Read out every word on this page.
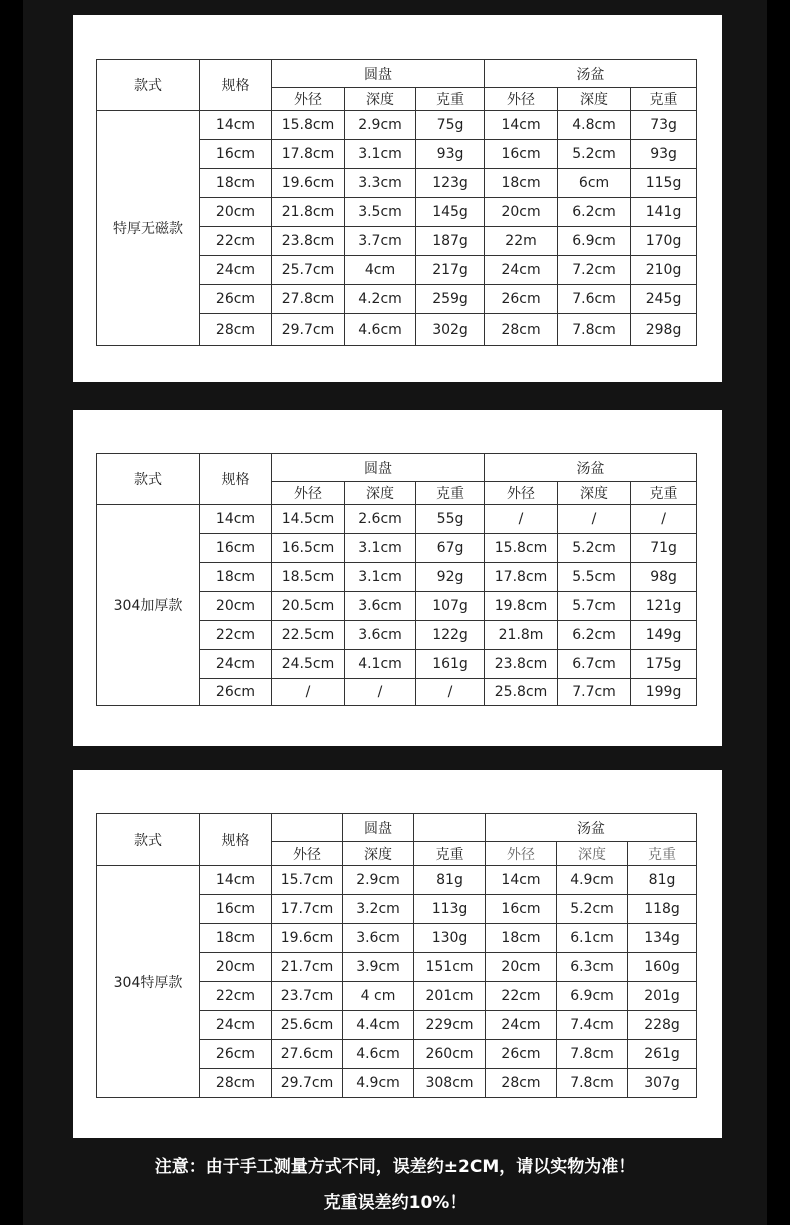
款式	规格	圆盘			汤盆		
		外径	深度	克重	外径	深度	克重
特厚无磁款	14cm	15.8cm	2.9cm	75g	14cm	4.8cm	73g
	16cm	17.8cm	3.1cm	93g	16cm	5.2cm	93g
	18cm	19.6cm	3.3cm	123g	18cm	6cm	115g
	20cm	21.8cm	3.5cm	145g	20cm	6.2cm	141g
	22cm	23.8cm	3.7cm	187g	22m	6.9cm	170g
	24cm	25.7cm	4cm	217g	24cm	7.2cm	210g
	26cm	27.8cm	4.2cm	259g	26cm	7.6cm	245g
	28cm	29.7cm	4.6cm	302g	28cm	7.8cm	298g
款式	规格	圆盘			汤盆		
		外径	深度	克重	外径	深度	克重
304加厚款	14cm	14.5cm	2.6cm	55g	/	/	/
	16cm	16.5cm	3.1cm	67g	15.8cm	5.2cm	71g
	18cm	18.5cm	3.1cm	92g	17.8cm	5.5cm	98g
	20cm	20.5cm	3.6cm	107g	19.8cm	5.7cm	121g
	22cm	22.5cm	3.6cm	122g	21.8m	6.2cm	149g
	24cm	24.5cm	4.1cm	161g	23.8cm	6.7cm	175g
	26cm	/	/	/	25.8cm	7.7cm	199g
款式	规格		圆盘		汤盆		
		外径	深度	克重	外径	深度	克重
304特厚款	14cm	15.7cm	2.9cm	81g	14cm	4.9cm	81g
	16cm	17.7cm	3.2cm	113g	16cm	5.2cm	118g
	18cm	19.6cm	3.6cm	130g	18cm	6.1cm	134g
	20cm	21.7cm	3.9cm	151cm	20cm	6.3cm	160g
	22cm	23.7cm	4 cm	201cm	22cm	6.9cm	201g
	24cm	25.6cm	4.4cm	229cm	24cm	7.4cm	228g
	26cm	27.6cm	4.6cm	260cm	26cm	7.8cm	261g
	28cm	29.7cm	4.9cm	308cm	28cm	7.8cm	307g
注意：由于手工测量方式不同，误差约±2CM，请以实物为准！
克重误差约10%！
